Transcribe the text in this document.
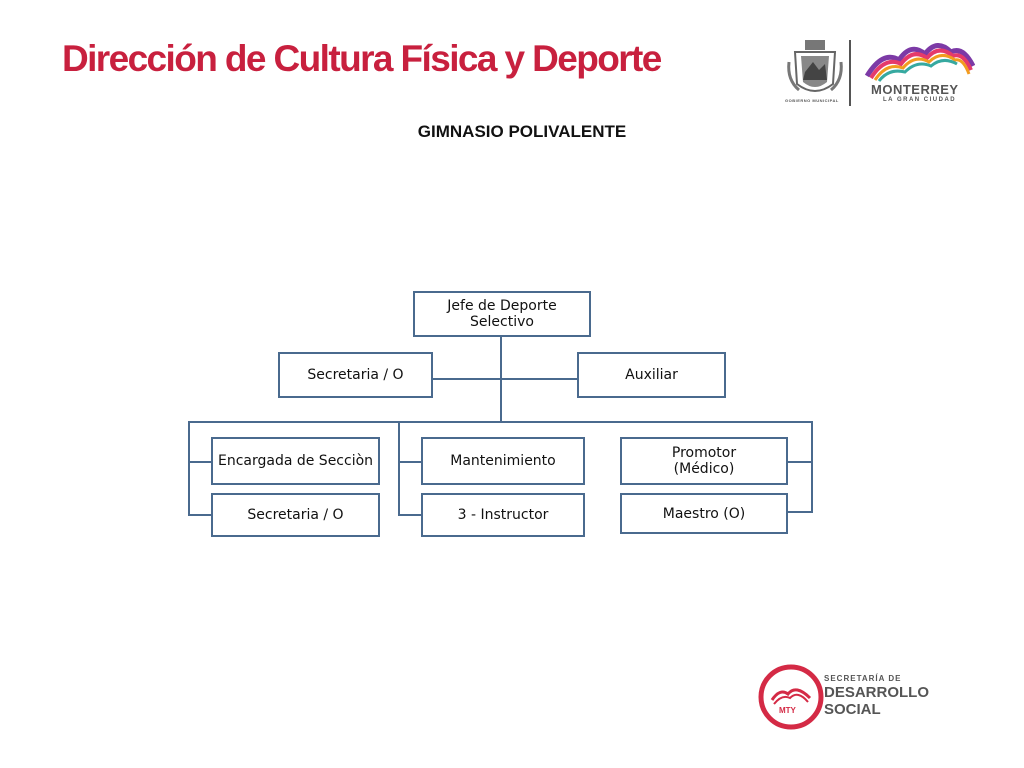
Dirección de Cultura Física y Deporte
GOBIERNO MUNICIPAL
MONTERREY
LA GRAN CIUDAD
GIMNASIO POLIVALENTE
Jefe de Deporte
Selectivo
Secretaria / O	Auxiliar
Encargada de Secciòn
Secretaria / O
Mantenimiento
3 - Instructor
Promotor
(Médico)
Maestro (O)
MTY
SECRETARÍA DE
DESARROLLO
SOCIAL
